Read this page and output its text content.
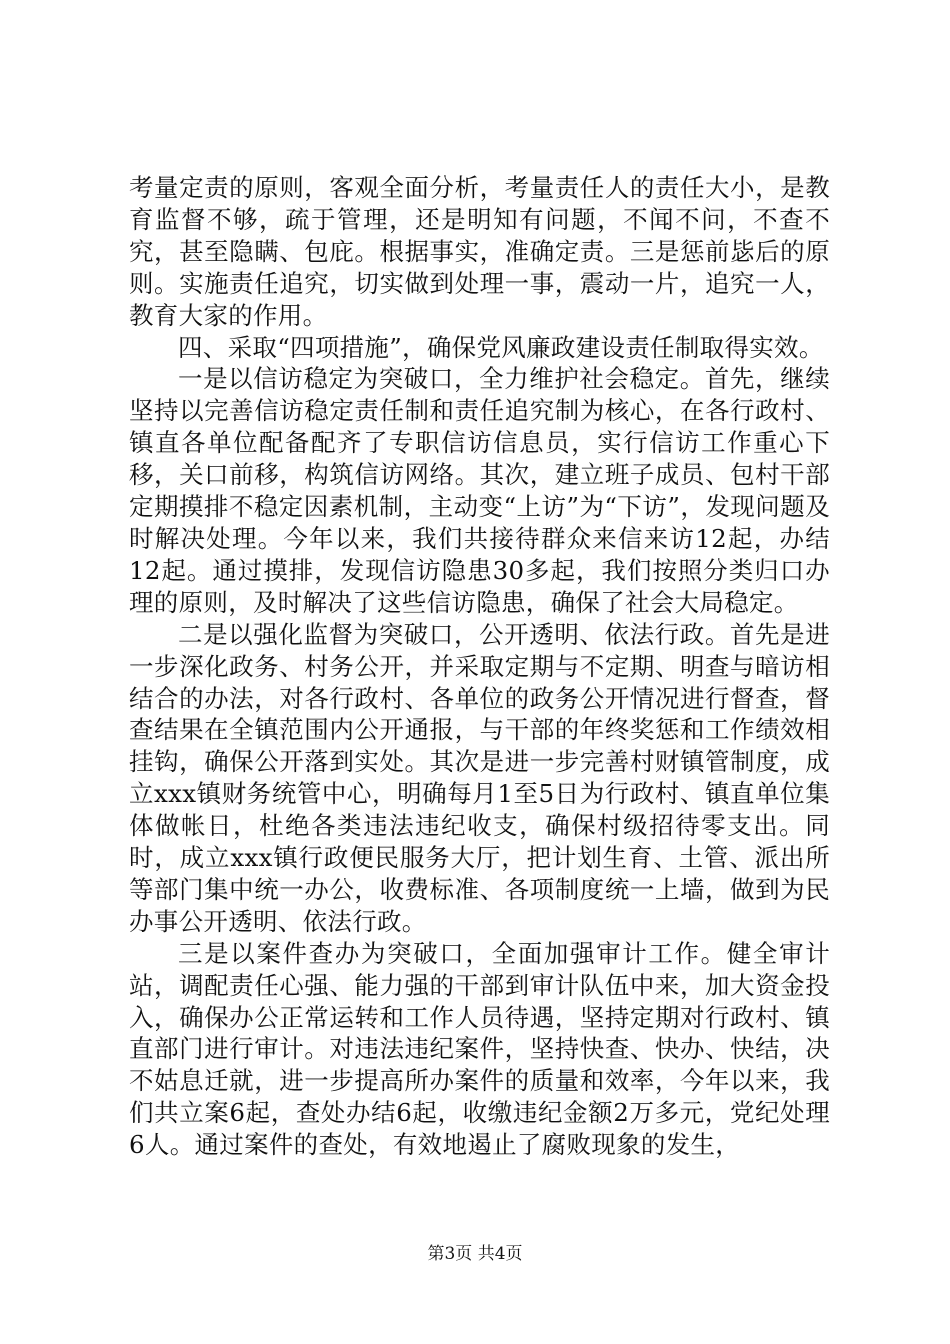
考量定责的原则，客观全面分析，考量责任人的责任大小，是教育监督不够，疏于管理，还是明知有问题，不闻不问，不查不究，甚至隐瞒、包庇。根据事实，准确定责。三是惩前毖后的原则。实施责任追究，切实做到处理一事，震动一片，追究一人，教育大家的作用。

四、采取“四项措施”，确保党风廉政建设责任制取得实效。

一是以信访稳定为突破口，全力维护社会稳定。首先，继续坚持以完善信访稳定责任制和责任追究制为核心，在各行政村、镇直各单位配备配齐了专职信访信息员，实行信访工作重心下移，关口前移，构筑信访网络。其次，建立班子成员、包村干部定期摸排不稳定因素机制，主动变“上访”为“下访”，发现问题及时解决处理。今年以来，我们共接待群众来信来访12起，办结12起。通过摸排，发现信访隐患30多起，我们按照分类归口办理的原则，及时解决了这些信访隐患，确保了社会大局稳定。

二是以强化监督为突破口，公开透明、依法行政。首先是进一步深化政务、村务公开，并采取定期与不定期、明查与暗访相结合的办法，对各行政村、各单位的政务公开情况进行督查，督查结果在全镇范围内公开通报，与干部的年终奖惩和工作绩效相挂钩，确保公开落到实处。其次是进一步完善村财镇管制度，成立xxx镇财务统管中心，明确每月1至5日为行政村、镇直单位集体做帐日，杜绝各类违法违纪收支，确保村级招待零支出。同时，成立xxx镇行政便民服务大厅，把计划生育、土管、派出所等部门集中统一办公，收费标准、各项制度统一上墙，做到为民办事公开透明、依法行政。

三是以案件查办为突破口，全面加强审计工作。健全审计站，调配责任心强、能力强的干部到审计队伍中来，加大资金投入，确保办公正常运转和工作人员待遇，坚持定期对行政村、镇直部门进行审计。对违法违纪案件，坚持快查、快办、快结，决不姑息迁就，进一步提高所办案件的质量和效率，今年以来，我们共立案6起，查处办结6起，收缴违纪金额2万多元，党纪处理6人。通过案件的查处，有效地遏止了腐败现象的发生，

第3页 共4页
